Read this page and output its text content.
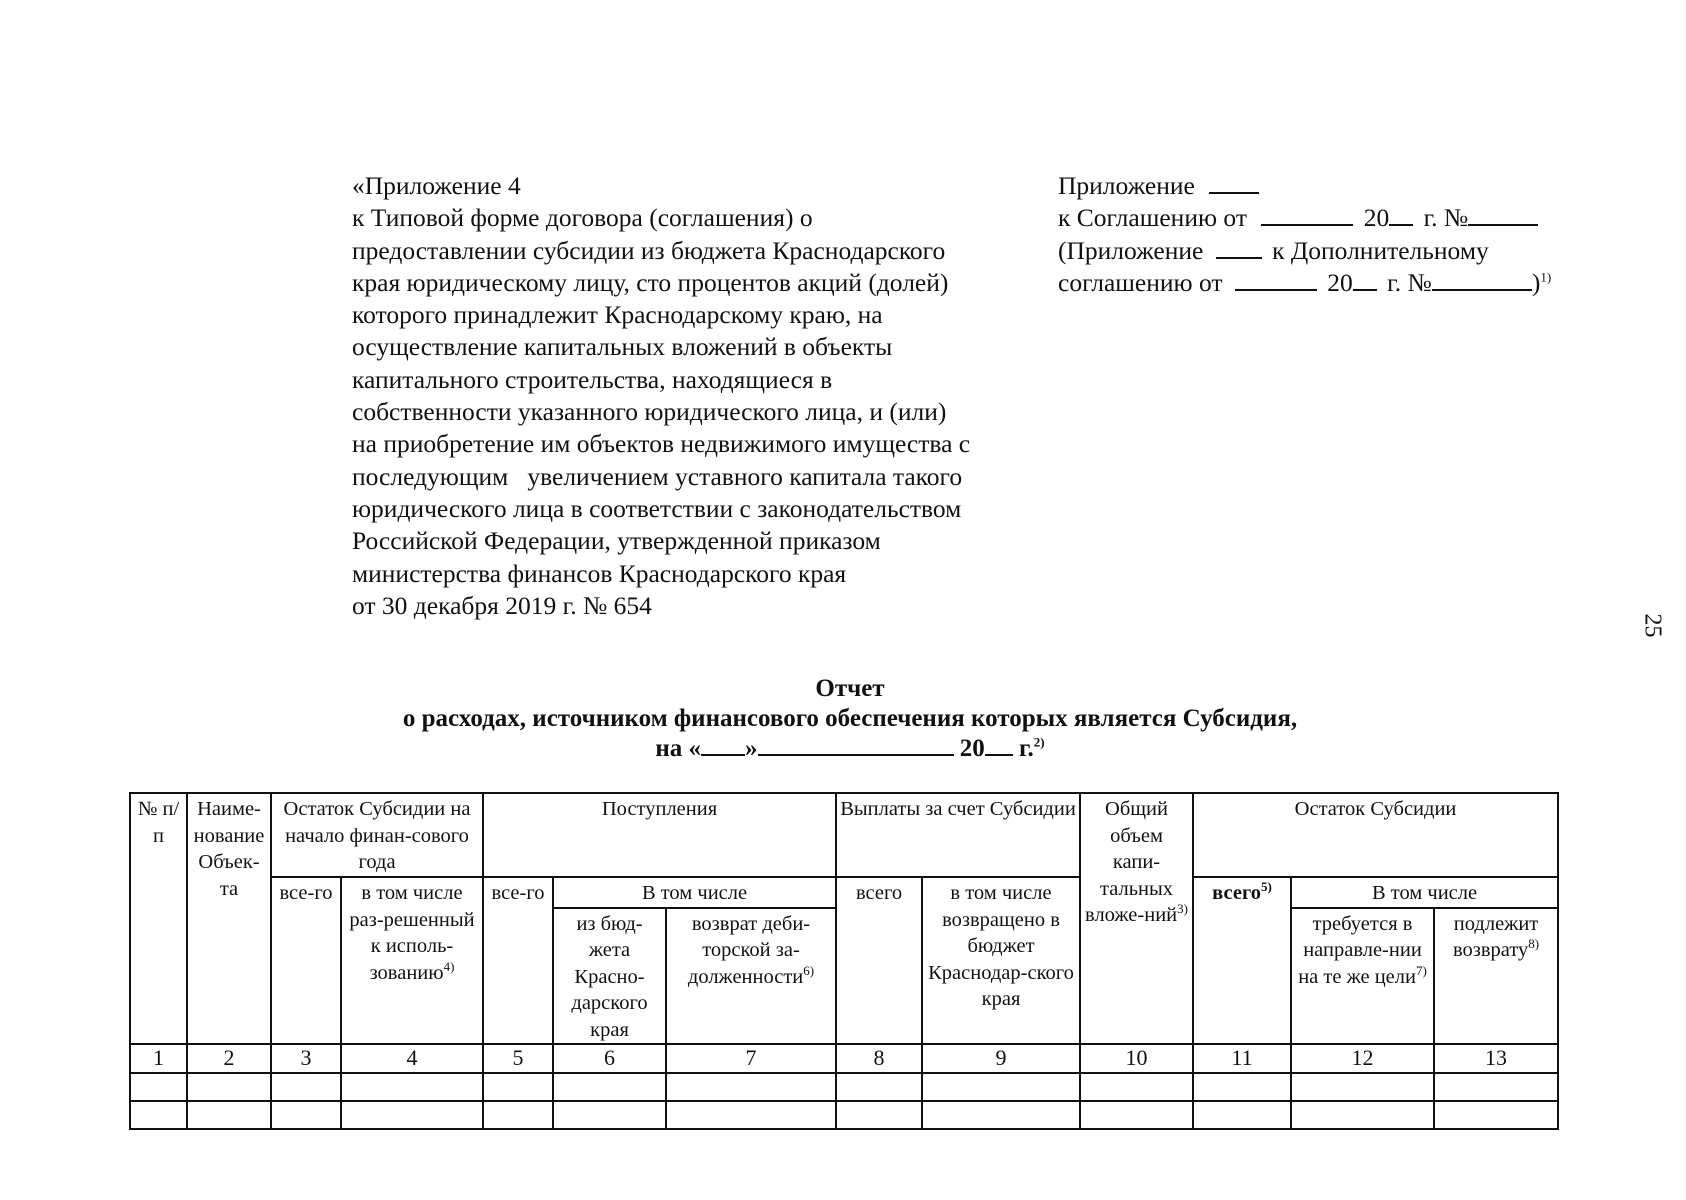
«Приложение 4
к Типовой форме договора (соглашения) о
предоставлении субсидии из бюджета Краснодарского
края юридическому лицу, сто процентов акций (долей)
которого принадлежит Краснодарскому краю, на
осуществление капитальных вложений в объекты
капитального строительства, находящиеся в
собственности указанного юридического лица, и (или)
на приобретение им объектов недвижимого имущества с
последующим   увеличением уставного капитала такого
юридического лица в соответствии с законодательством
Российской Федерации, утвержденной приказом
министерства финансов Краснодарского края
от 30 декабря 2019 г. № 654
Приложение
к Соглашению от	20 г. №
(Приложение	к Дополнительному
соглашению от	20 г. №	)$^{1)}$
25
Отчет
о расходах, источником финансового обеспечения которых является Субсидия,
на « »	20 г.$^{2)}$
№ п/п	Наиме-нование Объек-та	Остаток Субсидии на начало финан-сового года		Поступления			Выплаты за счет Субсидии		Общий объем капи-тальных вложе-ний$^{3)}$	Остаток Субсидии		
		все-го	в том числе раз-решенный к исполь-зованию$^{4)}$	все-го	В том числе		всего	в том числе возвращено в бюджет Краснодар-ского края		всего$^{5)}$	В том числе	
					из бюд-жета Красно-дарского края	возврат деби-торской за-долженности$^{6)}$					требуется в направле-нии на те же цели$^{7)}$	подлежит возврату$^{8)}$
1	2	3	4	5	6	7	8	9	10	11	12	13
